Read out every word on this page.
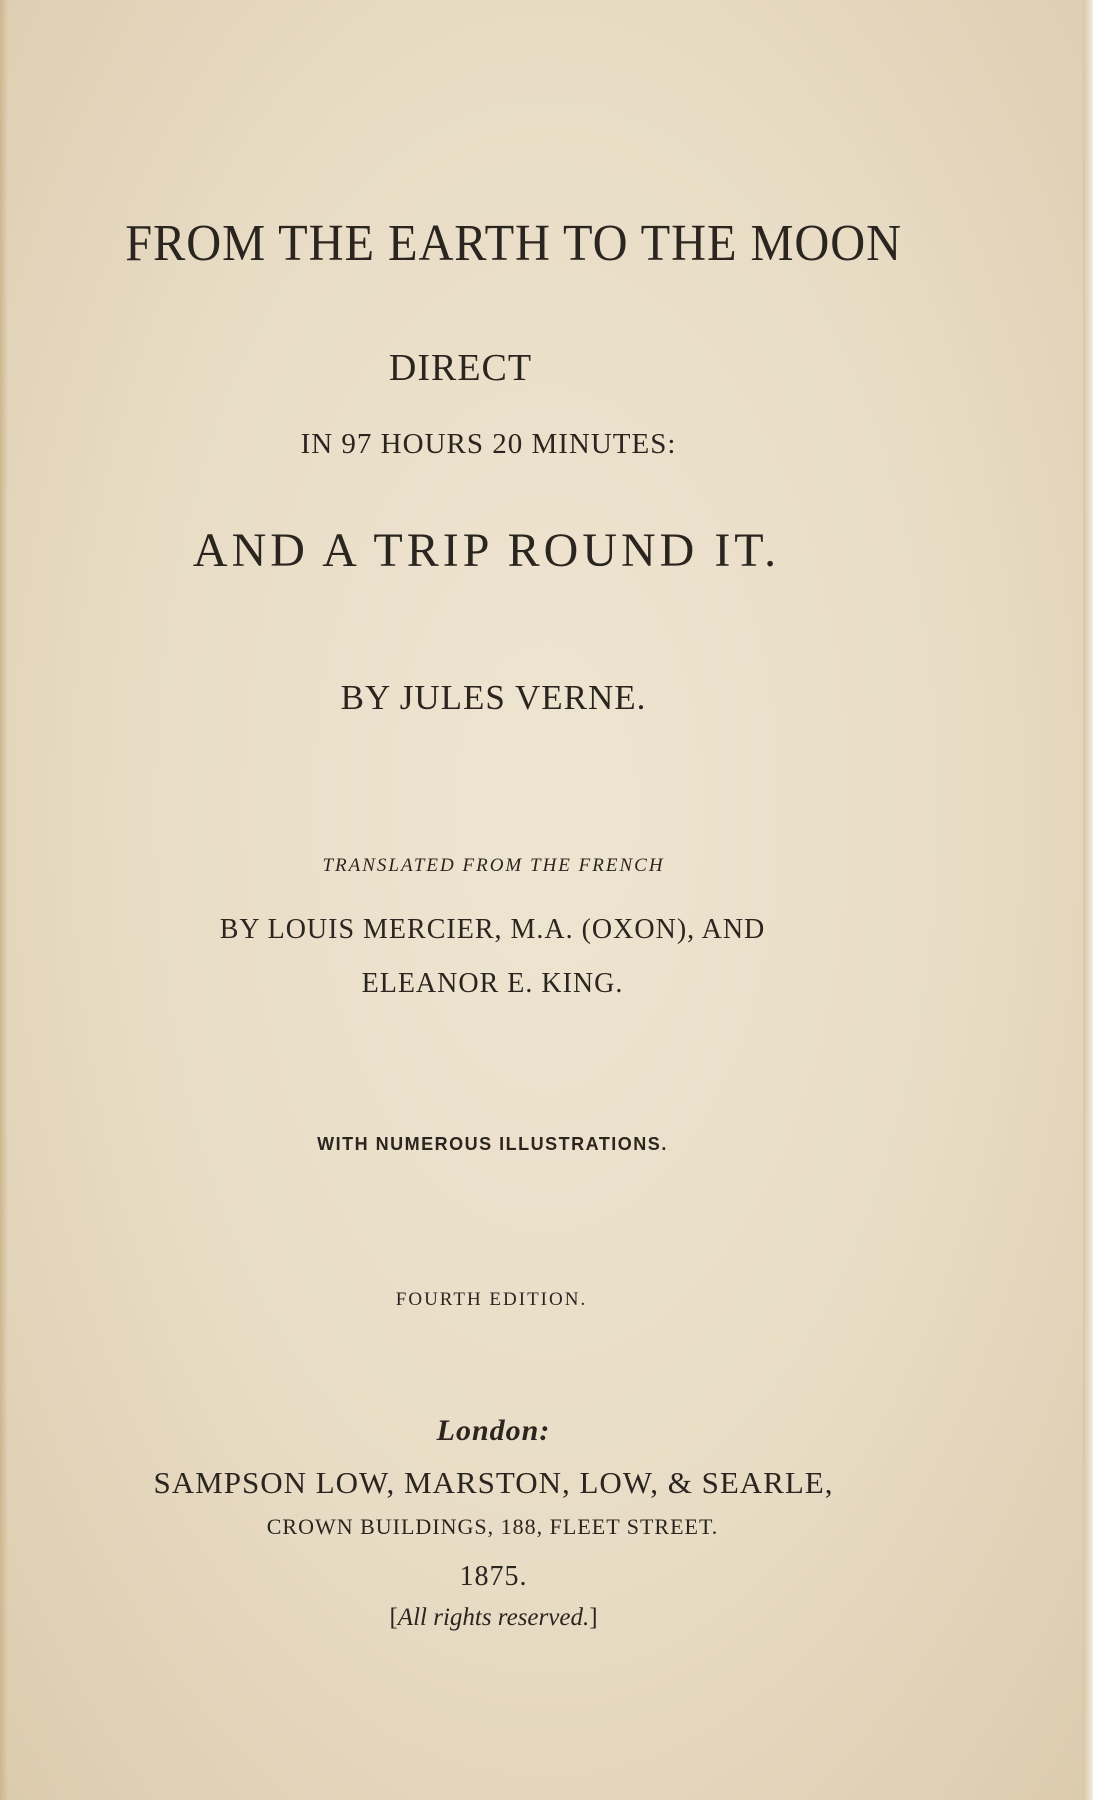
FROM THE EARTH TO THE MOON
DIRECT
IN 97 HOURS 20 MINUTES:
AND A TRIP ROUND IT.
BY JULES VERNE.
TRANSLATED FROM THE FRENCH
BY LOUIS MERCIER, M.A. (OXON), AND
ELEANOR E. KING.
WITH NUMEROUS ILLUSTRATIONS.
FOURTH EDITION.
London:
SAMPSON LOW, MARSTON, LOW, & SEARLE,
CROWN BUILDINGS, 188, FLEET STREET.
1875.
[All rights reserved.]
